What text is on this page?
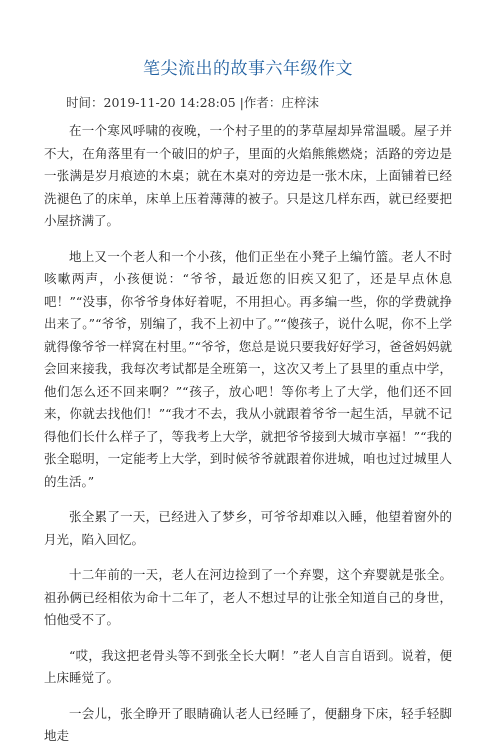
笔尖流出的故事六年级作文
时间：2019-11-20 14:28:05 |作者：庄梓沫

在一个寒风呼啸的夜晚，一个村子里的的茅草屋却异常温暖。屋子并不大，在角落里有一个破旧的炉子，里面的火焰熊熊燃烧；活路的旁边是一张满是岁月痕迹的木桌；就在木桌对的旁边是一张木床，上面铺着已经洗褪色了的床单，床单上压着薄薄的被子。只是这几样东西，就已经要把小屋挤满了。

地上又一个老人和一个小孩，他们正坐在小凳子上编竹篮。老人不时咳嗽两声，小孩便说：“爷爷，最近您的旧疾又犯了，还是早点休息吧！”“没事，你爷爷身体好着呢，不用担心。再多编一些，你的学费就挣出来了。”“爷爷，别编了，我不上初中了。”“傻孩子，说什么呢，你不上学就得像爷爷一样窝在村里。”“爷爷，您总是说只要我好好学习，爸爸妈妈就会回来接我，我每次考试都是全班第一，这次又考上了县里的重点中学，他们怎么还不回来啊？”“孩子，放心吧！等你考上了大学，他们还不回来，你就去找他们！”“我才不去，我从小就跟着爷爷一起生活，早就不记得他们长什么样子了，等我考上大学，就把爷爷接到大城市享福！”“我的张全聪明，一定能考上大学，到时候爷爷就跟着你进城，咱也过过城里人的生活。”

张全累了一天，已经进入了梦乡，可爷爷却难以入睡，他望着窗外的月光，陷入回忆。

十二年前的一天，老人在河边捡到了一个弃婴，这个弃婴就是张全。祖孙俩已经相依为命十二年了，老人不想过早的让张全知道自己的身世，怕他受不了。

“哎，我这把老骨头等不到张全长大啊！”老人自言自语到。说着，便上床睡觉了。

一会儿，张全睁开了眼睛确认老人已经睡了，便翻身下床，轻手轻脚地走
